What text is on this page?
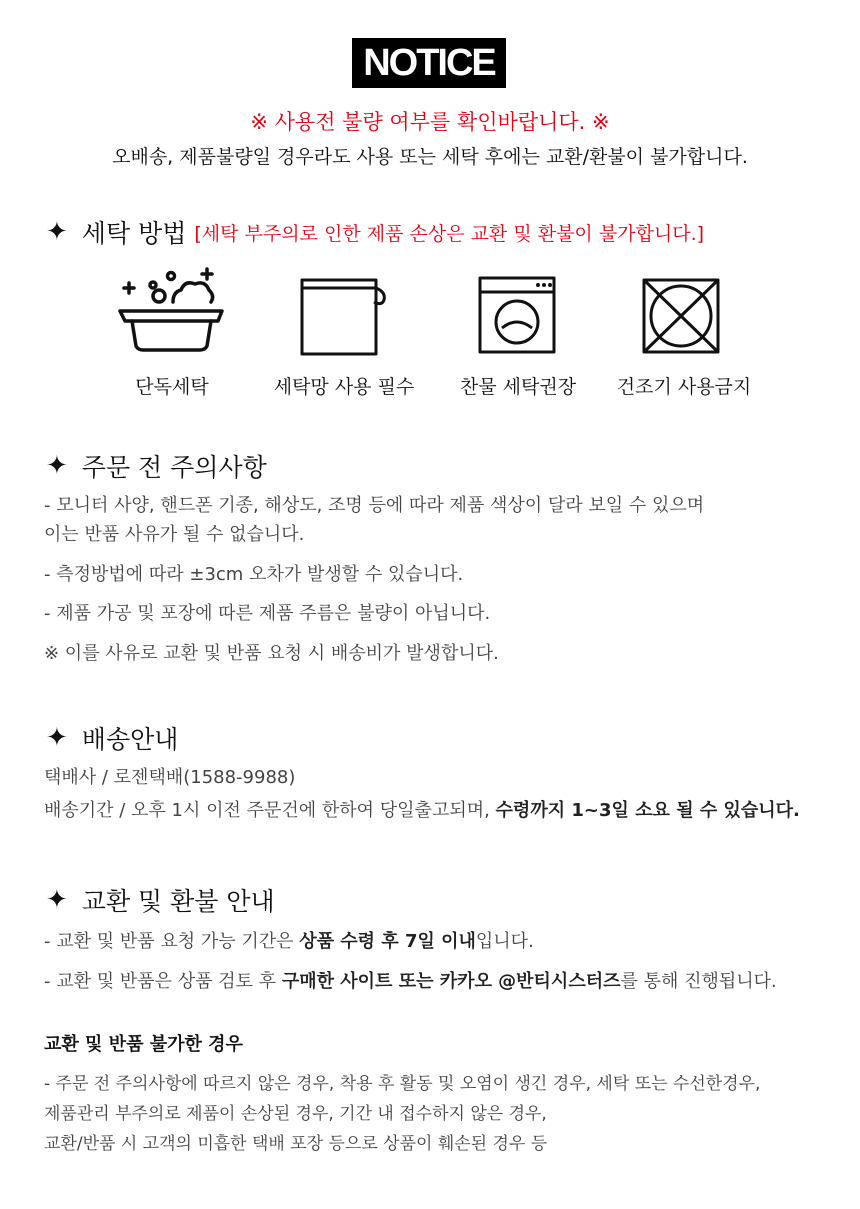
NOTICE
※ 사용전 불량 여부를 확인바랍니다. ※
오배송, 제품불량일 경우라도 사용 또는 세탁 후에는 교환/환불이 불가합니다.
✦ 세탁 방법 [세탁 부주의로 인한 제품 손상은 교환 및 환불이 불가합니다.]
단독세탁	세탁망 사용 필수	찬물 세탁권장	건조기 사용금지
✦ 주문 전 주의사항
- 모니터 사양, 핸드폰 기종, 해상도, 조명 등에 따라 제품 색상이 달라 보일 수 있으며
이는 반품 사유가 될 수 없습니다.
- 측정방법에 따라 ±3cm 오차가 발생할 수 있습니다.
- 제품 가공 및 포장에 따른 제품 주름은 불량이 아닙니다.
※ 이를 사유로 교환 및 반품 요청 시 배송비가 발생합니다.
✦ 배송안내
택배사 / 로젠택배(1588-9988)
배송기간 / 오후 1시 이전 주문건에 한하여 당일출고되며, 수령까지 1~3일 소요 될 수 있습니다.
✦ 교환 및 환불 안내
- 교환 및 반품 요청 가능 기간은 상품 수령 후 7일 이내입니다.
- 교환 및 반품은 상품 검토 후 구매한 사이트 또는 카카오 @반티시스터즈를 통해 진행됩니다.
교환 및 반품 불가한 경우
- 주문 전 주의사항에 따르지 않은 경우, 착용 후 활동 및 오염이 생긴 경우, 세탁 또는 수선한경우,
제품관리 부주의로 제품이 손상된 경우, 기간 내 접수하지 않은 경우,
교환/반품 시 고객의 미흡한 택배 포장 등으로 상품이 훼손된 경우 등
